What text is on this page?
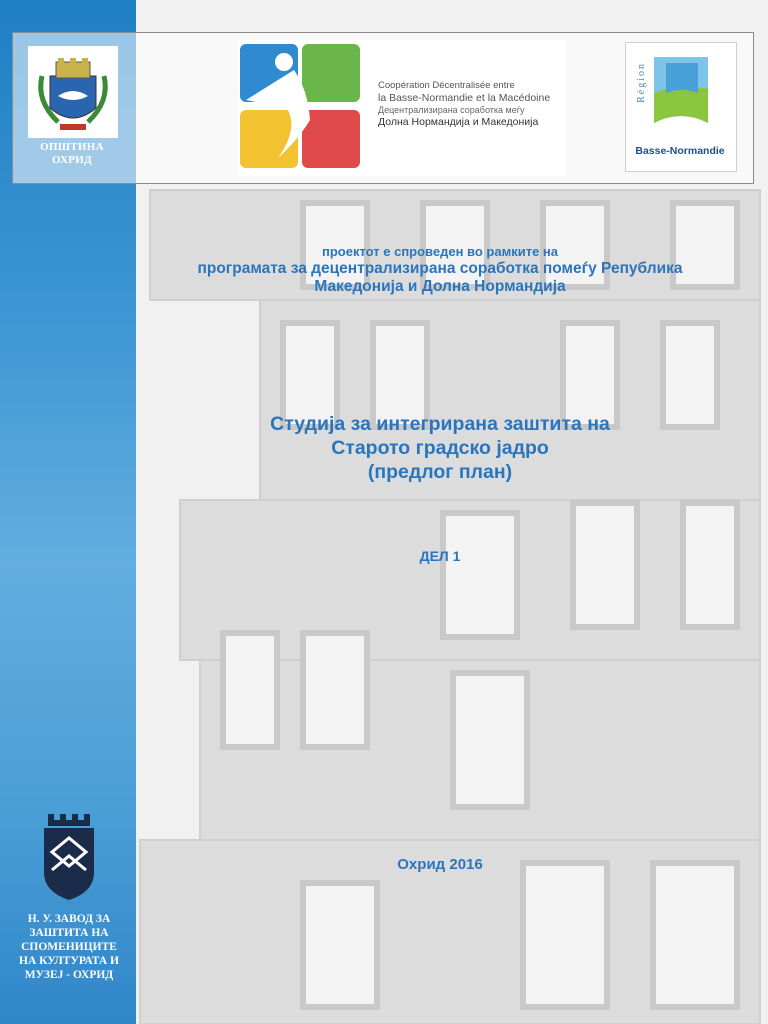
ОПШТИНА
ОХРИД
Coopération Décentralisée entre
la Basse-Normandie et la Macédoine
Децентрализирана соработка меѓу
Долна Нормандија и Македонија
Région
Basse-Normandie
проектот е спроведен во рамките на
програмата за децентрализирана соработка помеѓу Република
Македонија и Долна Нормандија
Студија за интегрирана заштита на
Старото градско јадро
(предлог план)
ДЕЛ 1
Охрид 2016
Н. У. ЗАВОД ЗА
ЗАШТИТА НА
СПОМЕНИЦИТЕ
НА КУЛТУРАТА И
МУЗЕЈ - ОХРИД
